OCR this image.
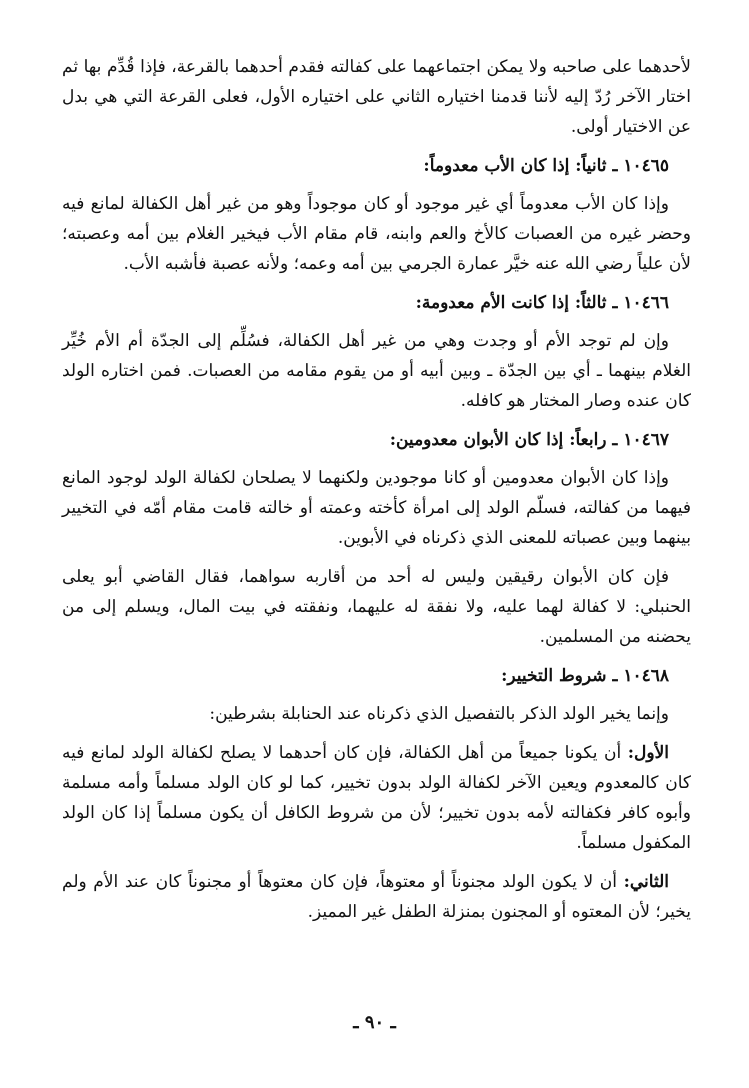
لأحدهما على صاحبه ولا يمكن اجتماعهما على كفالته فقدم أحدهما بالقرعة، فإذا قُدِّم بها ثم اختار الآخر رُدّ إليه لأننا قدمنا اختياره الثاني على اختياره الأول، فعلى القرعة التي هي بدل عن الاختيار أولى.

١٠٤٦٥ ـ ثانياً: إذا كان الأب معدوماً:

وإذا كان الأب معدوماً أي غير موجود أو كان موجوداً وهو من غير أهل الكفالة لمانع فيه وحضر غيره من العصبات كالأخ والعم وابنه، قام مقام الأب فيخير الغلام بين أمه وعصبته؛ لأن علياً رضي الله عنه خيَّر عمارة الجرمي بين أمه وعمه؛ ولأنه عصبة فأشبه الأب.

١٠٤٦٦ ـ ثالثاً: إذا كانت الأم معدومة:

وإن لم توجد الأم أو وجدت وهي من غير أهل الكفالة، فسُلِّم إلى الجدّة أم الأم خُيِّر الغلام بينهما ـ أي بين الجدّة ـ وبين أبيه أو من يقوم مقامه من العصبات. فمن اختاره الولد كان عنده وصار المختار هو كافله.

١٠٤٦٧ ـ رابعاً: إذا كان الأبوان معدومين:

وإذا كان الأبوان معدومين أو كانا موجودين ولكنهما لا يصلحان لكفالة الولد لوجود المانع فيهما من كفالته، فسلّم الولد إلى امرأة كأخته وعمته أو خالته قامت مقام أمّه في التخيير بينهما وبين عصباته للمعنى الذي ذكرناه في الأبوين.

فإن كان الأبوان رقيقين وليس له أحد من أقاربه سواهما، فقال القاضي أبو يعلى الحنبلي: لا كفالة لهما عليه، ولا نفقة له عليهما، ونفقته في بيت المال، ويسلم إلى من يحضنه من المسلمين.

١٠٤٦٨ ـ شروط التخيير:

وإنما يخير الولد الذكر بالتفصيل الذي ذكرناه عند الحنابلة بشرطين:

الأول: أن يكونا جميعاً من أهل الكفالة، فإن كان أحدهما لا يصلح لكفالة الولد لمانع فيه كان كالمعدوم ويعين الآخر لكفالة الولد بدون تخيير، كما لو كان الولد مسلماً وأمه مسلمة وأبوه كافر فكفالته لأمه بدون تخيير؛ لأن من شروط الكافل أن يكون مسلماً إذا كان الولد المكفول مسلماً.

الثاني: أن لا يكون الولد مجنوناً أو معتوهاً، فإن كان معتوهاً أو مجنوناً كان عند الأم ولم يخير؛ لأن المعتوه أو المجنون بمنزلة الطفل غير المميز.

ـ ٩٠ ـ
